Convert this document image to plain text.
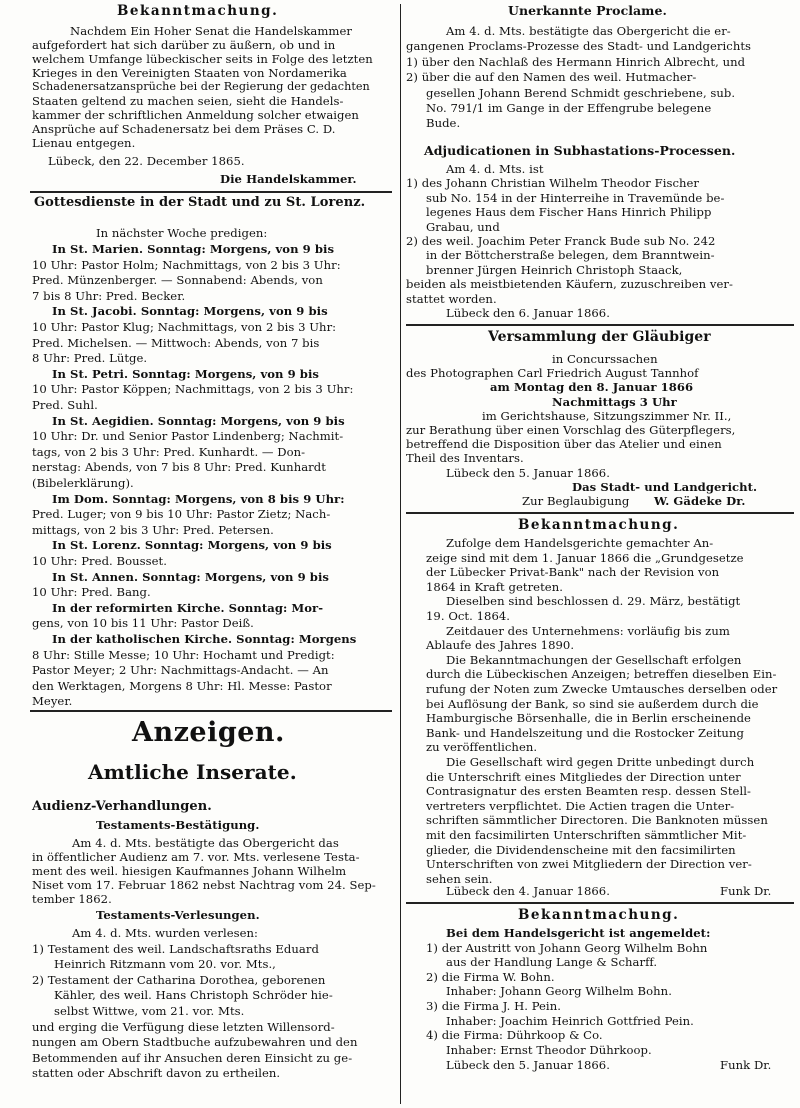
Bekanntmachung.
Nachdem Ein Hoher Senat die Handelskammer
aufgefordert hat sich darüber zu äußern, ob und in
welchem Umfange lübeckischer seits in Folge des letzten
Krieges in den Vereinigten Staaten von Nordamerika
Schadenersatzansprüche bei der Regierung der gedachten
Staaten geltend zu machen seien, sieht die Handels-
kammer der schriftlichen Anmeldung solcher etwaigen
Ansprüche auf Schadenersatz bei dem Präses C. D.
Lienau entgegen.
Lübeck, den 22. December 1865.
Die Handelskammer.
Gottesdienste in der Stadt und zu St. Lorenz.
In nächster Woche predigen:
In St. Marien. Sonntag: Morgens, von 9 bis
10 Uhr: Pastor Holm; Nachmittags, von 2 bis 3 Uhr:
Pred. Münzenberger. — Sonnabend: Abends, von
7 bis 8 Uhr: Pred. Becker.
In St. Jacobi. Sonntag: Morgens, von 9 bis
10 Uhr: Pastor Klug; Nachmittags, von 2 bis 3 Uhr:
Pred. Michelsen. — Mittwoch: Abends, von 7 bis
8 Uhr: Pred. Lütge.
In St. Petri. Sonntag: Morgens, von 9 bis
10 Uhr: Pastor Köppen; Nachmittags, von 2 bis 3 Uhr:
Pred. Suhl.
In St. Aegidien. Sonntag: Morgens, von 9 bis
10 Uhr: Dr. und Senior Pastor Lindenberg; Nachmit-
tags, von 2 bis 3 Uhr: Pred. Kunhardt. — Don-
nerstag: Abends, von 7 bis 8 Uhr: Pred. Kunhardt
(Bibelerklärung).
Im Dom. Sonntag: Morgens, von 8 bis 9 Uhr:
Pred. Luger; von 9 bis 10 Uhr: Pastor Zietz; Nach-
mittags, von 2 bis 3 Uhr: Pred. Petersen.
In St. Lorenz. Sonntag: Morgens, von 9 bis
10 Uhr: Pred. Bousset.
In St. Annen. Sonntag: Morgens, von 9 bis
10 Uhr: Pred. Bang.
In der reformirten Kirche. Sonntag: Mor-
gens, von 10 bis 11 Uhr: Pastor Deiß.
In der katholischen Kirche. Sonntag: Morgens
8 Uhr: Stille Messe; 10 Uhr: Hochamt und Predigt:
Pastor Meyer; 2 Uhr: Nachmittags-Andacht. — An
den Werktagen, Morgens 8 Uhr: Hl. Messe: Pastor
Meyer.
Anzeigen.
Amtliche Inserate.
Audienz-Verhandlungen.
Testaments-Bestätigung.
Am 4. d. Mts. bestätigte das Obergericht das
in öffentlicher Audienz am 7. vor. Mts. verlesene Testa-
ment des weil. hiesigen Kaufmannes Johann Wilhelm
Niset vom 17. Februar 1862 nebst Nachtrag vom 24. Sep-
tember 1862.
Testaments-Verlesungen.
Am 4. d. Mts. wurden verlesen:
1) Testament des weil. Landschaftsraths Eduard
Heinrich Ritzmann vom 20. vor. Mts.,
2) Testament der Catharina Dorothea, geborenen
Kähler, des weil. Hans Christoph Schröder hie-
selbst Wittwe, vom 21. vor. Mts.
und erging die Verfügung diese letzten Willensord-
nungen am Obern Stadtbuche aufzubewahren und den
Betommenden auf ihr Ansuchen deren Einsicht zu ge-
statten oder Abschrift davon zu ertheilen.
Unerkannte Proclame.
Am 4. d. Mts. bestätigte das Obergericht die er-
gangenen Proclams-Prozesse des Stadt- und Landgerichts
1) über den Nachlaß des Hermann Hinrich Albrecht, und
2) über die auf den Namen des weil. Hutmacher-
gesellen Johann Berend Schmidt geschriebene, sub.
No. 791/1 im Gange in der Effengrube belegene
Bude.
Adjudicationen in Subhastations-Processen.
Am 4. d. Mts. ist
1) des Johann Christian Wilhelm Theodor Fischer
sub No. 154 in der Hinterreihe in Travemünde be-
legenes Haus dem Fischer Hans Hinrich Philipp
Grabau, und
2) des weil. Joachim Peter Franck Bude sub No. 242
in der Böttcherstraße belegen, dem Branntwein-
brenner Jürgen Heinrich Christoph Staack,
beiden als meistbietenden Käufern, zuzuschreiben ver-
stattet worden.
Lübeck den 6. Januar 1866.
Versammlung der Gläubiger
in Concurssachen
des Photographen Carl Friedrich August Tannhof
am Montag den 8. Januar 1866
Nachmittags 3 Uhr
im Gerichtshause, Sitzungszimmer Nr. II.,
zur Berathung über einen Vorschlag des Güterpflegers,
betreffend die Disposition über das Atelier und einen
Theil des Inventars.
Lübeck den 5. Januar 1866.
Das Stadt- und Landgericht.
Zur Beglaubigung W. Gädeke Dr.
Bekanntmachung.
Zufolge dem Handelsgerichte gemachter An-
zeige sind mit dem 1. Januar 1866 die „Grundgesetze
der Lübecker Privat-Bank" nach der Revision von
1864 in Kraft getreten.
Dieselben sind beschlossen d. 29. März, bestätigt
19. Oct. 1864.
Zeitdauer des Unternehmens: vorläufig bis zum
Ablaufe des Jahres 1890.
Die Bekanntmachungen der Gesellschaft erfolgen
durch die Lübeckischen Anzeigen; betreffen dieselben Ein-
rufung der Noten zum Zwecke Umtausches derselben oder
bei Auflösung der Bank, so sind sie außerdem durch die
Hamburgische Börsenhalle, die in Berlin erscheinende
Bank- und Handelszeitung und die Rostocker Zeitung
zu veröffentlichen.
Die Gesellschaft wird gegen Dritte unbedingt durch
die Unterschrift eines Mitgliedes der Direction unter
Contrasignatur des ersten Beamten resp. dessen Stell-
vertreters verpflichtet. Die Actien tragen die Unter-
schriften sämmtlicher Directoren. Die Banknoten müssen
mit den facsimilirten Unterschriften sämmtlicher Mit-
glieder, die Dividendenscheine mit den facsimilirten
Unterschriften von zwei Mitgliedern der Direction ver-
sehen sein.
Lübeck den 4. Januar 1866.	Funk Dr.
Bekanntmachung.
Bei dem Handelsgericht ist angemeldet:
1) der Austritt von Johann Georg Wilhelm Bohn
aus der Handlung Lange & Scharff.
2) die Firma W. Bohn.
Inhaber: Johann Georg Wilhelm Bohn.
3) die Firma J. H. Pein.
Inhaber: Joachim Heinrich Gottfried Pein.
4) die Firma: Dührkoop & Co.
Inhaber: Ernst Theodor Dührkoop.
Lübeck den 5. Januar 1866.	Funk Dr.
